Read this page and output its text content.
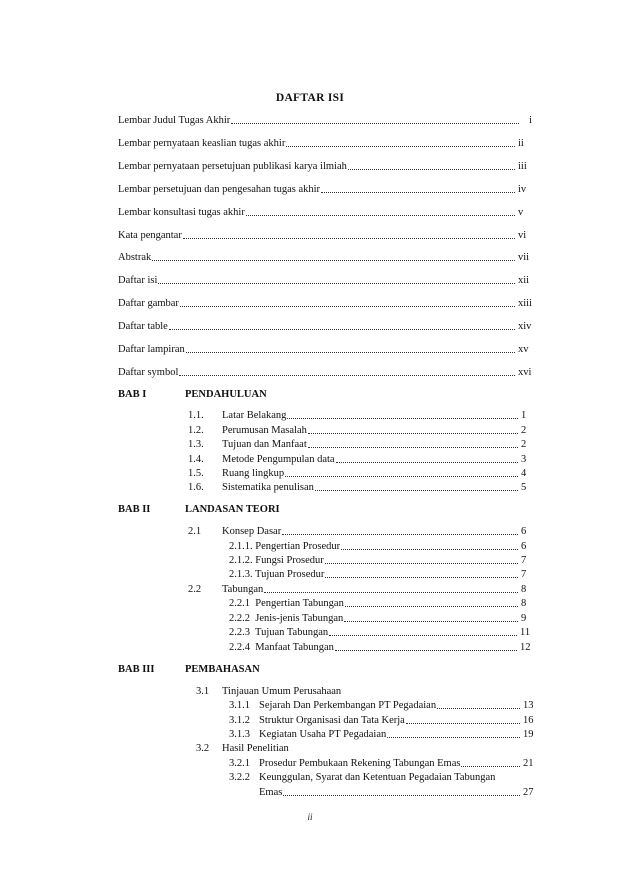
DAFTAR ISI
Lembar Judul Tugas Akhir	i
Lembar pernyataan keaslian tugas akhir	ii
Lembar pernyataan persetujuan publikasi karya ilmiah	iii
Lembar persetujuan dan pengesahan tugas akhir	iv
Lembar konsultasi tugas akhir	v
Kata pengantar	vi
Abstrak	vii
Daftar isi	xii
Daftar gambar	xiii
Daftar table	xiv
Daftar lampiran	xv
Daftar symbol	xvi
BAB I	PENDAHULUAN
1.1.	Latar Belakang	1
1.2.	Perumusan Masalah	2
1.3.	Tujuan dan Manfaat	2
1.4.	Metode Pengumpulan data	3
1.5.	Ruang lingkup	4
1.6.	Sistematika penulisan	5
BAB II	LANDASAN TEORI
2.1	Konsep Dasar	6
2.1.1. Pengertian Prosedur	6
2.1.2. Fungsi Prosedur	7
2.1.3. Tujuan Prosedur	7
2.2	Tabungan	8
2.2.1  Pengertian Tabungan	8
2.2.2  Jenis-jenis Tabungan	9
2.2.3  Tujuan Tabungan	11
2.2.4  Manfaat Tabungan	12
BAB III	PEMBAHASAN
3.1	Tinjauan Umum Perusahaan
3.1.1 Sejarah Dan Perkembangan PT Pegadaian	13
3.1.2 Struktur Organisasi dan Tata Kerja	16
3.1.3 Kegiatan Usaha PT Pegadaian	19
3.2	Hasil Penelitian
3.2.1 Prosedur Pembukaan Rekening Tabungan Emas	21
3.2.2 Keunggulan, Syarat dan Ketentuan Pegadaian Tabungan
Emas	27
ii
